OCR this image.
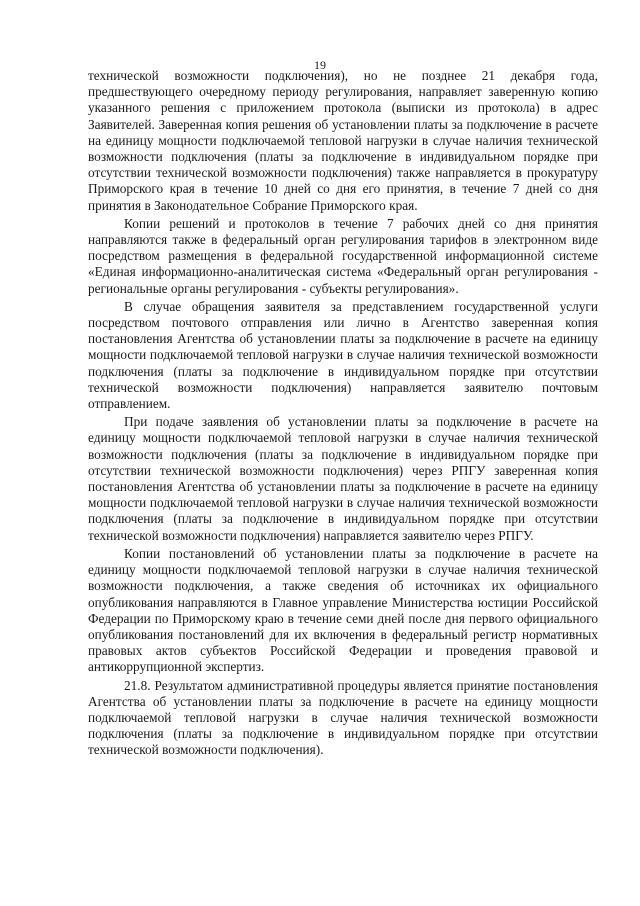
19

технической возможности подключения), но не позднее 21 декабря года, предшествующего очередному периоду регулирования, направляет заверенную копию указанного решения с приложением протокола (выписки из протокола) в адрес Заявителей. Заверенная копия решения об установлении платы за подключение в расчете на единицу мощности подключаемой тепловой нагрузки в случае наличия технической возможности подключения (платы за подключение в индивидуальном порядке при отсутствии технической возможности подключения) также направляется в прокуратуру Приморского края в течение 10 дней со дня его принятия, в течение 7 дней со дня принятия в Законодательное Собрание Приморского края.

Копии решений и протоколов в течение 7 рабочих дней со дня принятия направляются также в федеральный орган регулирования тарифов в электронном виде посредством размещения в федеральной государственной информационной системе «Единая информационно-аналитическая система «Федеральный орган регулирования - региональные органы регулирования - субъекты регулирования».

В случае обращения заявителя за представлением государственной услуги посредством почтового отправления или лично в Агентство заверенная копия постановления Агентства об установлении платы за подключение в расчете на единицу мощности подключаемой тепловой нагрузки в случае наличия технической возможности подключения (платы за подключение в индивидуальном порядке при отсутствии технической возможности подключения) направляется заявителю почтовым отправлением.

При подаче заявления об установлении платы за подключение в расчете на единицу мощности подключаемой тепловой нагрузки в случае наличия технической возможности подключения (платы за подключение в индивидуальном порядке при отсутствии технической возможности подключения) через РПГУ заверенная копия постановления Агентства об установлении платы за подключение в расчете на единицу мощности подключаемой тепловой нагрузки в случае наличия технической возможности подключения (платы за подключение в индивидуальном порядке при отсутствии технической возможности подключения) направляется заявителю через РПГУ.

Копии постановлений об установлении платы за подключение в расчете на единицу мощности подключаемой тепловой нагрузки в случае наличия технической возможности подключения, а также сведения об источниках их официального опубликования направляются в Главное управление Министерства юстиции Российской Федерации по Приморскому краю в течение семи дней после дня первого официального опубликования постановлений для их включения в федеральный регистр нормативных правовых актов субъектов Российской Федерации и проведения правовой и антикоррупционной экспертиз.

21.8. Результатом административной процедуры является принятие постановления Агентства об установлении платы за подключение в расчете на единицу мощности подключаемой тепловой нагрузки в случае наличия технической возможности подключения (платы за подключение в индивидуальном порядке при отсутствии технической возможности подключения).
